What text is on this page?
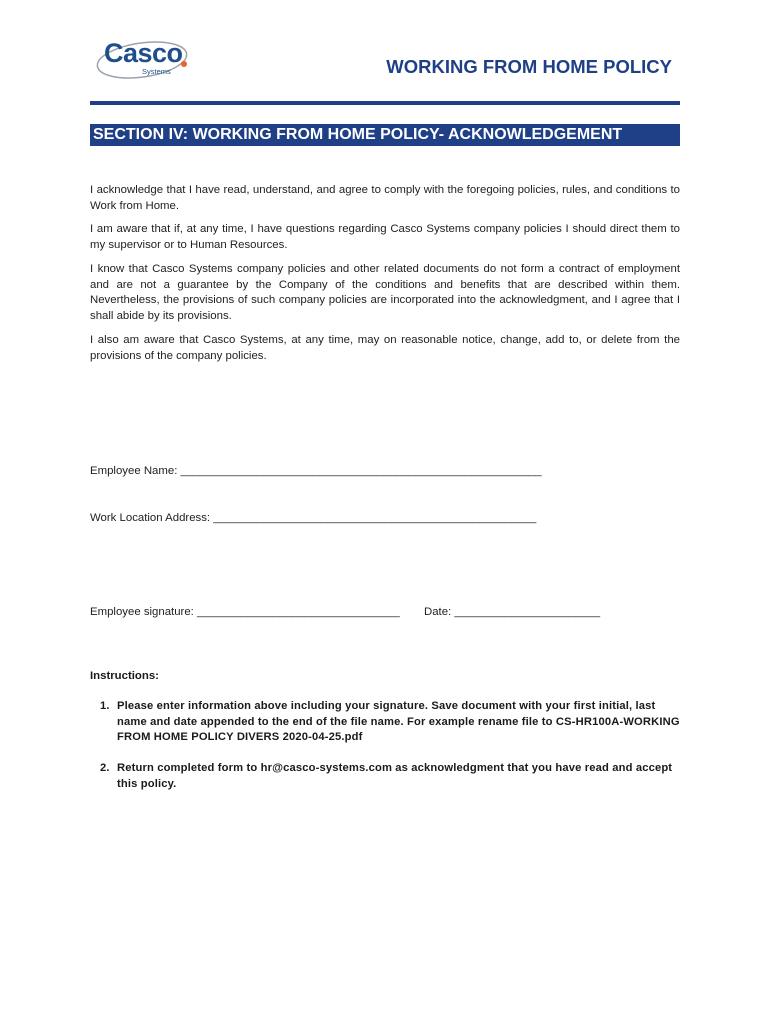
Casco
Systems	WORKING FROM HOME POLICY
SECTION IV: WORKING FROM HOME POLICY- ACKNOWLEDGEMENT

I acknowledge that I have read, understand, and agree to comply with the foregoing policies, rules, and conditions to Work from Home.

I am aware that if, at any time, I have questions regarding Casco Systems company policies I should direct them to my supervisor or to Human Resources.

I know that Casco Systems company policies and other related documents do not form a contract of employment and are not a guarantee by the Company of the conditions and benefits that are described within them. Nevertheless, the provisions of such company policies are incorporated into the acknowledgment, and I agree that I shall abide by its provisions.

I also am aware that Casco Systems, at any time, may on reasonable notice, change, add to, or delete from the provisions of the company policies.

Employee Name: _________________________________________________________
Work Location Address: ___________________________________________________
Employee signature: ________________________________ Date: _______________________
Instructions:
1. Please enter information above including your signature. Save document with your first initial, last name and date appended to the end of the file name. For example rename file to CS-HR100A-WORKING FROM HOME POLICY DIVERS 2020-04-25.pdf
2. Return completed form to hr@casco-systems.com as acknowledgment that you have read and accept this policy.
